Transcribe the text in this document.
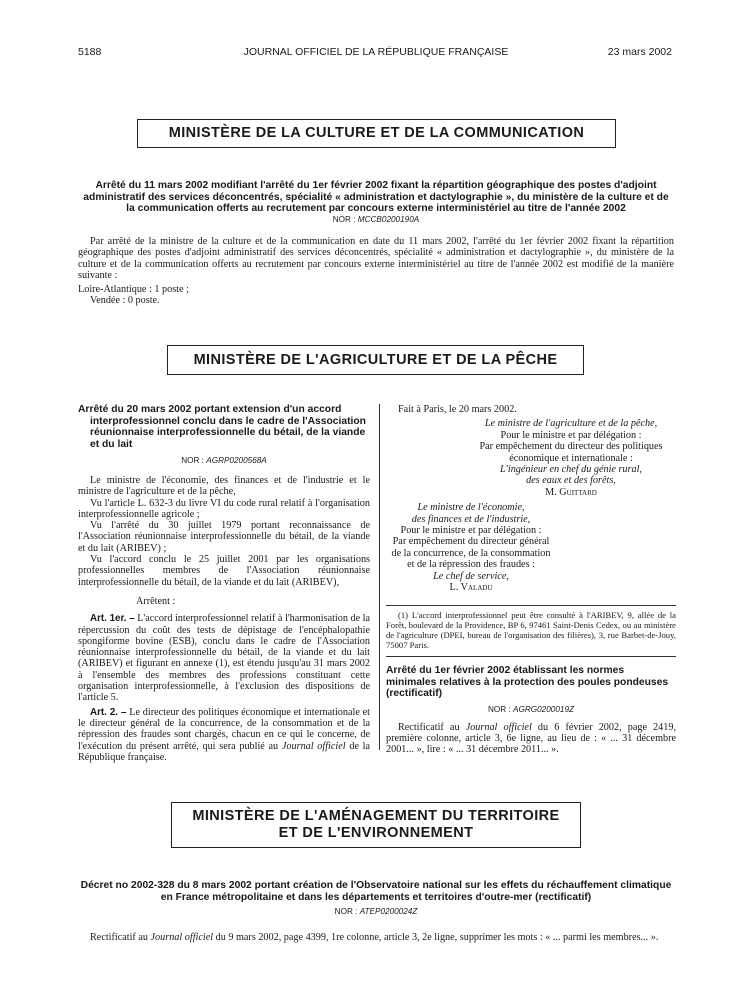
5188	JOURNAL OFFICIEL DE LA RÉPUBLIQUE FRANÇAISE	23 mars 2002
MINISTÈRE DE LA CULTURE ET DE LA COMMUNICATION
Arrêté du 11 mars 2002 modifiant l'arrêté du 1er février 2002 fixant la répartition géographique des postes d'adjoint administratif des services déconcentrés, spécialité « administration et dactylographie », du ministère de la culture et de la communication offerts au recrutement par concours externe interministériel au titre de l'année 2002
NOR : MCCB0200190A

Par arrêté de la ministre de la culture et de la communication en date du 11 mars 2002, l'arrêté du 1er février 2002 fixant la répartition géographique des postes d'adjoint administratif des services déconcentrés, spécialité « administration et dactylographie », du ministère de la culture et de la communication offerts au recrutement par concours externe interministériel au titre de l'année 2002 est modifié de la manière suivante :

Loire-Atlantique : 1 poste ;

Vendée : 0 poste.

MINISTÈRE DE L'AGRICULTURE ET DE LA PÊCHE
Arrêté du 20 mars 2002 portant extension d'un accord interprofessionnel conclu dans le cadre de l'Association réunionnaise interprofessionnelle du bétail, de la viande et du lait
NOR : AGRP0200568A

Le ministre de l'économie, des finances et de l'industrie et le ministre de l'agriculture et de la pêche,

Vu l'article L. 632-3 du livre VI du code rural relatif à l'organisation interprofessionnelle agricole ;

Vu l'arrêté du 30 juillet 1979 portant reconnaissance de l'Association réunionnaise interprofessionnelle du bétail, de la viande et du lait (ARIBEV) ;

Vu l'accord conclu le 25 juillet 2001 par les organisations professionnelles membres de l'Association réunionnaise interprofessionnelle du bétail, de la viande et du lait (ARIBEV),

Arrêtent :

Art. 1er. – L'accord interprofessionnel relatif à l'harmonisation de la répercussion du coût des tests de dépistage de l'encéphalopathie spongiforme bovine (ESB), conclu dans le cadre de l'Association réunionnaise interprofessionnelle du bétail, de la viande et du lait (ARIBEV) et figurant en annexe (1), est étendu jusqu'au 31 mars 2002 à l'ensemble des membres des professions constituant cette organisation interprofessionnelle, à l'exclusion des dispositions de l'article 5.

Art. 2. – Le directeur des politiques économique et internationale et le directeur général de la concurrence, de la consommation et de la répression des fraudes sont chargés, chacun en ce qui le concerne, de l'exécution du présent arrêté, qui sera publié au Journal officiel de la République française.

Fait à Paris, le 20 mars 2002.

Le ministre de l'agriculture et de la pêche,
Pour le ministre et par délégation :
Par empêchement du directeur des politiques
économique et internationale :
L'ingénieur en chef du génie rural,
des eaux et des forêts,
M. Guittard
Le ministre de l'économie,
des finances et de l'industrie,
Pour le ministre et par délégation :
Par empêchement du directeur général
de la concurrence, de la consommation
et de la répression des fraudes :
Le chef de service,
L. Valadu

(1) L'accord interprofessionnel peut être consulté à l'ARIBEV, 9, allée de la Forêt, boulevard de la Providence, BP 6, 97461 Saint-Denis Cedex, ou au ministère de l'agriculture (DPEI, bureau de l'organisation des filières), 3, rue Barbet-de-Jouy, 75007 Paris.

Arrêté du 1er février 2002 établissant les normes minimales relatives à la protection des poules pondeuses (rectificatif)
NOR : AGRG0200019Z

Rectificatif au Journal officiel du 6 février 2002, page 2419, première colonne, article 3, 6e ligne, au lieu de : « ... 31 décembre 2001... », lire : « ... 31 décembre 2011... ».

MINISTÈRE DE L'AMÉNAGEMENT DU TERRITOIRE
ET DE L'ENVIRONNEMENT
Décret no 2002-328 du 8 mars 2002 portant création de l'Observatoire national sur les effets du réchauffement climatique en France métropolitaine et dans les départements et territoires d'outre-mer (rectificatif)
NOR : ATEP0200024Z

Rectificatif au Journal officiel du 9 mars 2002, page 4399, 1re colonne, article 3, 2e ligne, supprimer les mots : « ... parmi les membres... ».
